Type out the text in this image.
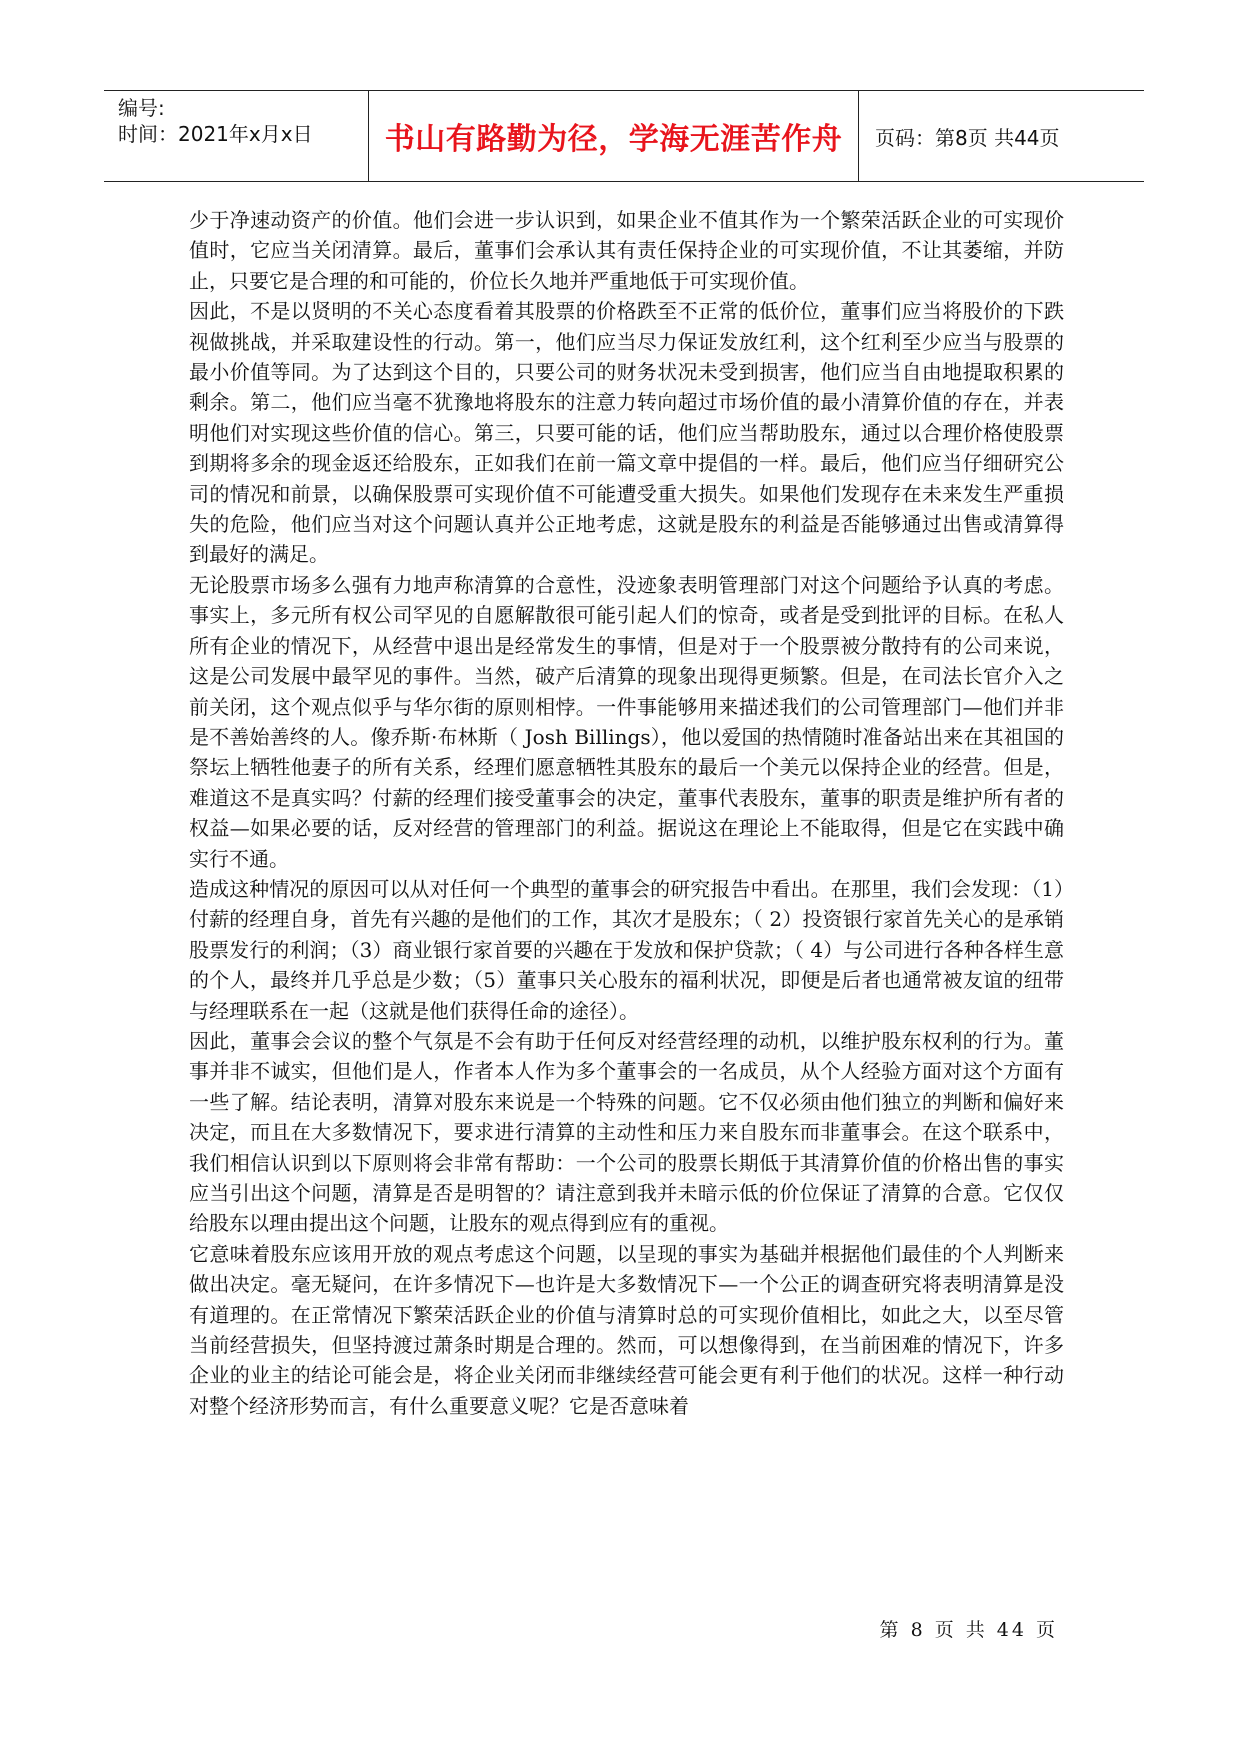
编号:
时间：2021年x月x日	书山有路勤为径，学海无涯苦作舟 页码：第8页 共44页

少于净速动资产的价值。他们会进一步认识到，如果企业不值其作为一个繁荣活跃企业的可实现价值时，它应当关闭清算。最后，董事们会承认其有责任保持企业的可实现价值，不让其萎缩，并防止，只要它是合理的和可能的，价位长久地并严重地低于可实现价值。

因此，不是以贤明的不关心态度看着其股票的价格跌至不正常的低价位，董事们应当将股价的下跌视做挑战，并采取建设性的行动。第一，他们应当尽力保证发放红利，这个红利至少应当与股票的最小价值等同。为了达到这个目的，只要公司的财务状况未受到损害，他们应当自由地提取积累的剩余。第二，他们应当毫不犹豫地将股东的注意力转向超过市场价值的最小清算价值的存在，并表明他们对实现这些价值的信心。第三，只要可能的话，他们应当帮助股东，通过以合理价格使股票到期将多余的现金返还给股东，正如我们在前一篇文章中提倡的一样。最后，他们应当仔细研究公司的情况和前景，以确保股票可实现价值不可能遭受重大损失。如果他们发现存在未来发生严重损失的危险，他们应当对这个问题认真并公正地考虑，这就是股东的利益是否能够通过出售或清算得到最好的满足。

无论股票市场多么强有力地声称清算的合意性，没迹象表明管理部门对这个问题给予认真的考虑。事实上，多元所有权公司罕见的自愿解散很可能引起人们的惊奇，或者是受到批评的目标。在私人所有企业的情况下，从经营中退出是经常发生的事情，但是对于一个股票被分散持有的公司来说，这是公司发展中最罕见的事件。当然，破产后清算的现象出现得更频繁。但是，在司法长官介入之前关闭，这个观点似乎与华尔街的原则相悖。一件事能够用来描述我们的公司管理部门—他们并非是不善始善终的人。像乔斯·布林斯（ Josh Billings），他以爱国的热情随时准备站出来在其祖国的祭坛上牺牲他妻子的所有关系，经理们愿意牺牲其股东的最后一个美元以保持企业的经营。但是，难道这不是真实吗？付薪的经理们接受董事会的决定，董事代表股东，董事的职责是维护所有者的权益—如果必要的话，反对经营的管理部门的利益。据说这在理论上不能取得，但是它在实践中确实行不通。

造成这种情况的原因可以从对任何一个典型的董事会的研究报告中看出。在那里，我们会发现：（1）付薪的经理自身，首先有兴趣的是他们的工作，其次才是股东；（ 2）投资银行家首先关心的是承销股票发行的利润；（3）商业银行家首要的兴趣在于发放和保护贷款；（ 4）与公司进行各种各样生意的个人，最终并几乎总是少数；（5）董事只关心股东的福利状况，即便是后者也通常被友谊的纽带与经理联系在一起（这就是他们获得任命的途径）。

因此，董事会会议的整个气氛是不会有助于任何反对经营经理的动机，以维护股东权利的行为。董事并非不诚实，但他们是人，作者本人作为多个董事会的一名成员，从个人经验方面对这个方面有一些了解。结论表明，清算对股东来说是一个特殊的问题。它不仅必须由他们独立的判断和偏好来决定，而且在大多数情况下，要求进行清算的主动性和压力来自股东而非董事会。在这个联系中，我们相信认识到以下原则将会非常有帮助：一个公司的股票长期低于其清算价值的价格出售的事实应当引出这个问题，清算是否是明智的？请注意到我并未暗示低的价位保证了清算的合意。它仅仅给股东以理由提出这个问题，让股东的观点得到应有的重视。

它意味着股东应该用开放的观点考虑这个问题，以呈现的事实为基础并根据他们最佳的个人判断来做出决定。毫无疑问，在许多情况下—也许是大多数情况下—一个公正的调查研究将表明清算是没有道理的。在正常情况下繁荣活跃企业的价值与清算时总的可实现价值相比，如此之大，以至尽管当前经营损失，但坚持渡过萧条时期是合理的。然而，可以想像得到，在当前困难的情况下，许多企业的业主的结论可能会是，将企业关闭而非继续经营可能会更有利于他们的状况。这样一种行动对整个经济形势而言，有什么重要意义呢？它是否意味着

第 8 页 共 44 页
